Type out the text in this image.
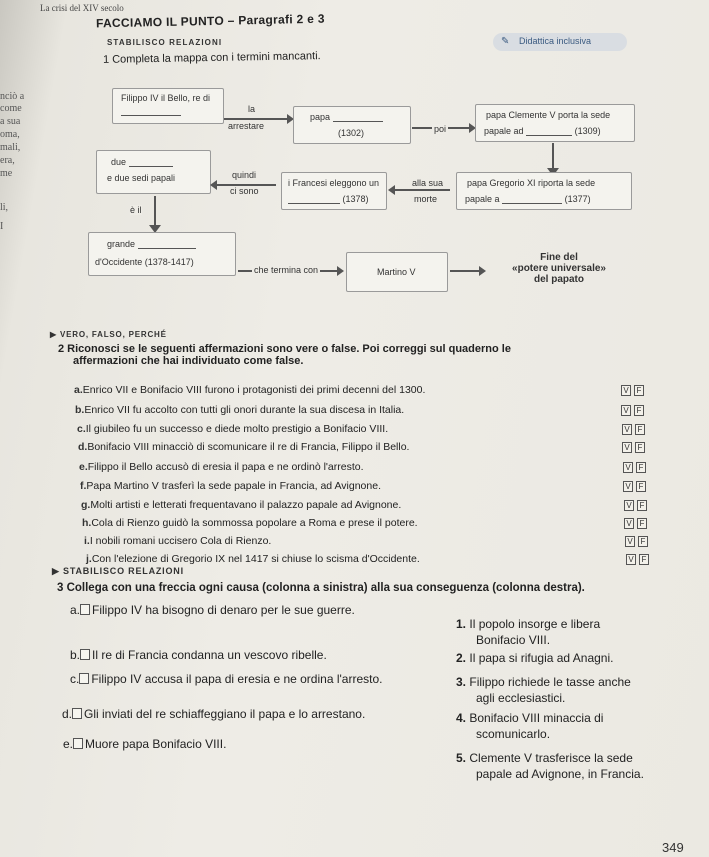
nciò a
come
a sua
oma,
mali,
era,
me
li,
I
La crisi del XIV secolo
FACCIAMO IL PUNTO – Paragrafi 2 e 3
STABILISCO RELAZIONI	✎ Didattica inclusiva
1 Completa la mappa con i termini mancanti.
Filippo IV il Bello, re di
la
arrestare
papa
(1302)	poi
papa Clemente V porta la sede
papale ad	(1309)
due
e due sedi papali	quindi
ci sono
i Francesi eleggono un
(1378)
alla sua
morte
papa Gregorio XI riporta la sede
papale a	(1377)
è il
grande
d'Occidente (1378-1417)
che termina con	Martino V
Fine del
«potere universale»
del papato
▶ VERO, FALSO, PERCHÉ
2 Riconosci se le seguenti affermazioni sono vere o false. Poi correggi sul quaderno le
affermazioni che hai individuato come false.
a.Enrico VII e Bonifacio VIII furono i protagonisti dei primi decenni del 1300.	V F
b.Enrico VII fu accolto con tutti gli onori durante la sua discesa in Italia.	V F
c.Il giubileo fu un successo e diede molto prestigio a Bonifacio VIII.	V F
d.Bonifacio VIII minacciò di scomunicare il re di Francia, Filippo il Bello.	V F
e.Filippo il Bello accusò di eresia il papa e ne ordinò l'arresto.	V F
f.Papa Martino V trasferì la sede papale in Francia, ad Avignone.	V F
g.Molti artisti e letterati frequentavano il palazzo papale ad Avignone.	V F
h.Cola di Rienzo guidò la sommossa popolare a Roma e prese il potere.	V F
i.I nobili romani uccisero Cola di Rienzo.	V F
j.Con l'elezione di Gregorio IX nel 1417 si chiuse lo scisma d'Occidente.	V F
▶ STABILISCO RELAZIONI
3 Collega con una freccia ogni causa (colonna a sinistra) alla sua conseguenza (colonna destra).
a. Filippo IV ha bisogno di denaro per le sue guerre.
b. Il re di Francia condanna un vescovo ribelle.
c. Filippo IV accusa il papa di eresia e ne ordina l'arresto.
d. Gli inviati del re schiaffeggiano il papa e lo arrestano.
e. Muore papa Bonifacio VIII.
1. Il popolo insorge e libera
Bonifacio VIII.
2. Il papa si rifugia ad Anagni.
3. Filippo richiede le tasse anche
agli ecclesiastici.
4. Bonifacio VIII minaccia di
scomunicarlo.
5. Clemente V trasferisce la sede
papale ad Avignone, in Francia.
349
